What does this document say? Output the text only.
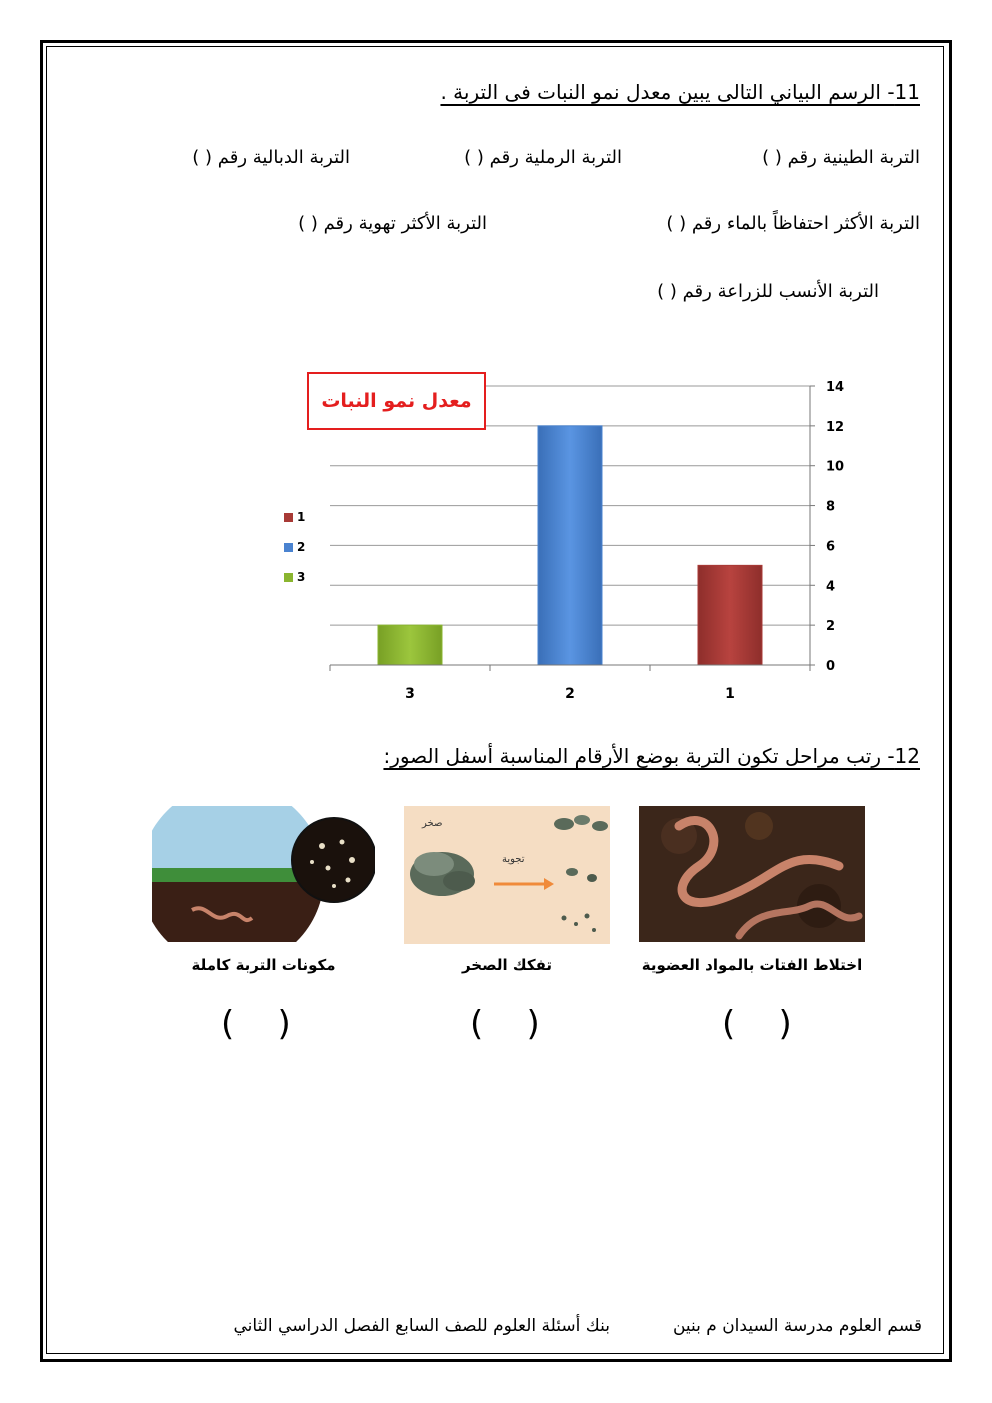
11- الرسم البياني التالى يبين معدل نمو النبات فى التربة .
التربة الطينية رقم ( )
التربة الرملية رقم ( )
التربة الدبالية رقم ( )
التربة الأكثر احتفاظاً بالماء رقم ( )
التربة الأكثر تهوية رقم ( )
التربة الأنسب للزراعة رقم ( )
0
2
4
6
8
10
12
14
3	2	1
معدل نمو النبات
1
2
3
12- رتب مراحل تكون التربة بوضع الأرقام المناسبة أسفل الصور:
صخر
تجوية
اختلاط الفتات بالمواد العضوية
تفكك الصخر
مكونات التربة كاملة
(    )
(    )
(    )
قسم العلوم مدرسة السيدان م بنين
بنك أسئلة العلوم للصف السابع الفصل الدراسي الثاني
